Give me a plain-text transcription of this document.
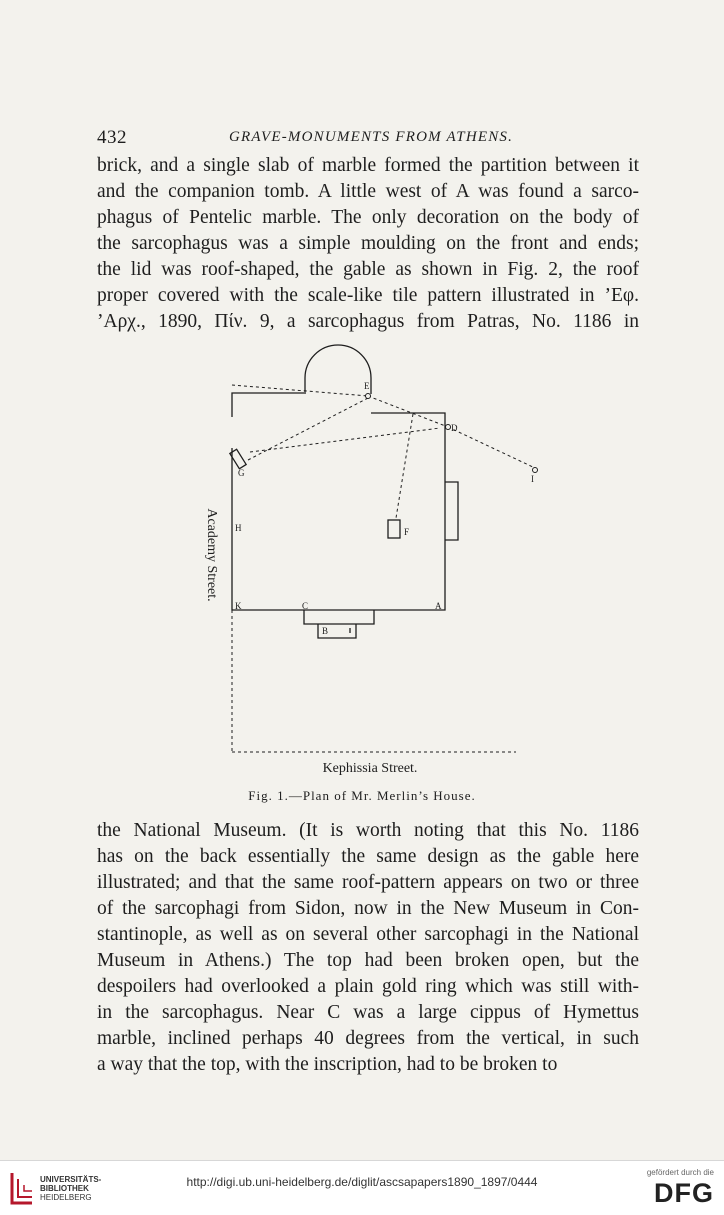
432	GRAVE-MONUMENTS FROM ATHENS.
brick, and a single slab of marble formed the partition between it
and the companion tomb. A little west of A was found a sarco-
phagus of Pentelic marble. The only decoration on the body of
the sarcophagus was a simple moulding on the front and ends;
the lid was roof-shaped, the gable as shown in Fig. 2, the roof
proper covered with the scale-like tile pattern illustrated in ’Εφ.
’Αρχ., 1890, Πίν. 9, a sarcophagus from Patras, No. 1186 in
E
D
I
G
F
H
K	C	A
B
Academy Street.
Kephissia Street.
Fig. 1.—Plan of Mr. Merlin’s House.
the National Museum. (It is worth noting that this No. 1186
has on the back essentially the same design as the gable here
illustrated; and that the same roof-pattern appears on two or three
of the sarcophagi from Sidon, now in the New Museum in Con-
stantinople, as well as on several other sarcophagi in the National
Museum in Athens.) The top had been broken open, but the
despoilers had overlooked a plain gold ring which was still with-
in the sarcophagus. Near C was a large cippus of Hymettus
marble, inclined perhaps 40 degrees from the vertical, in such
a way that the top, with the inscription, had to be broken to
UNIVERSITÄTS-
BIBLIOTHEK
HEIDELBERG
http://digi.ub.uni-heidelberg.de/diglit/ascsapapers1890_1897/0444
gefördert durch die
DFG
